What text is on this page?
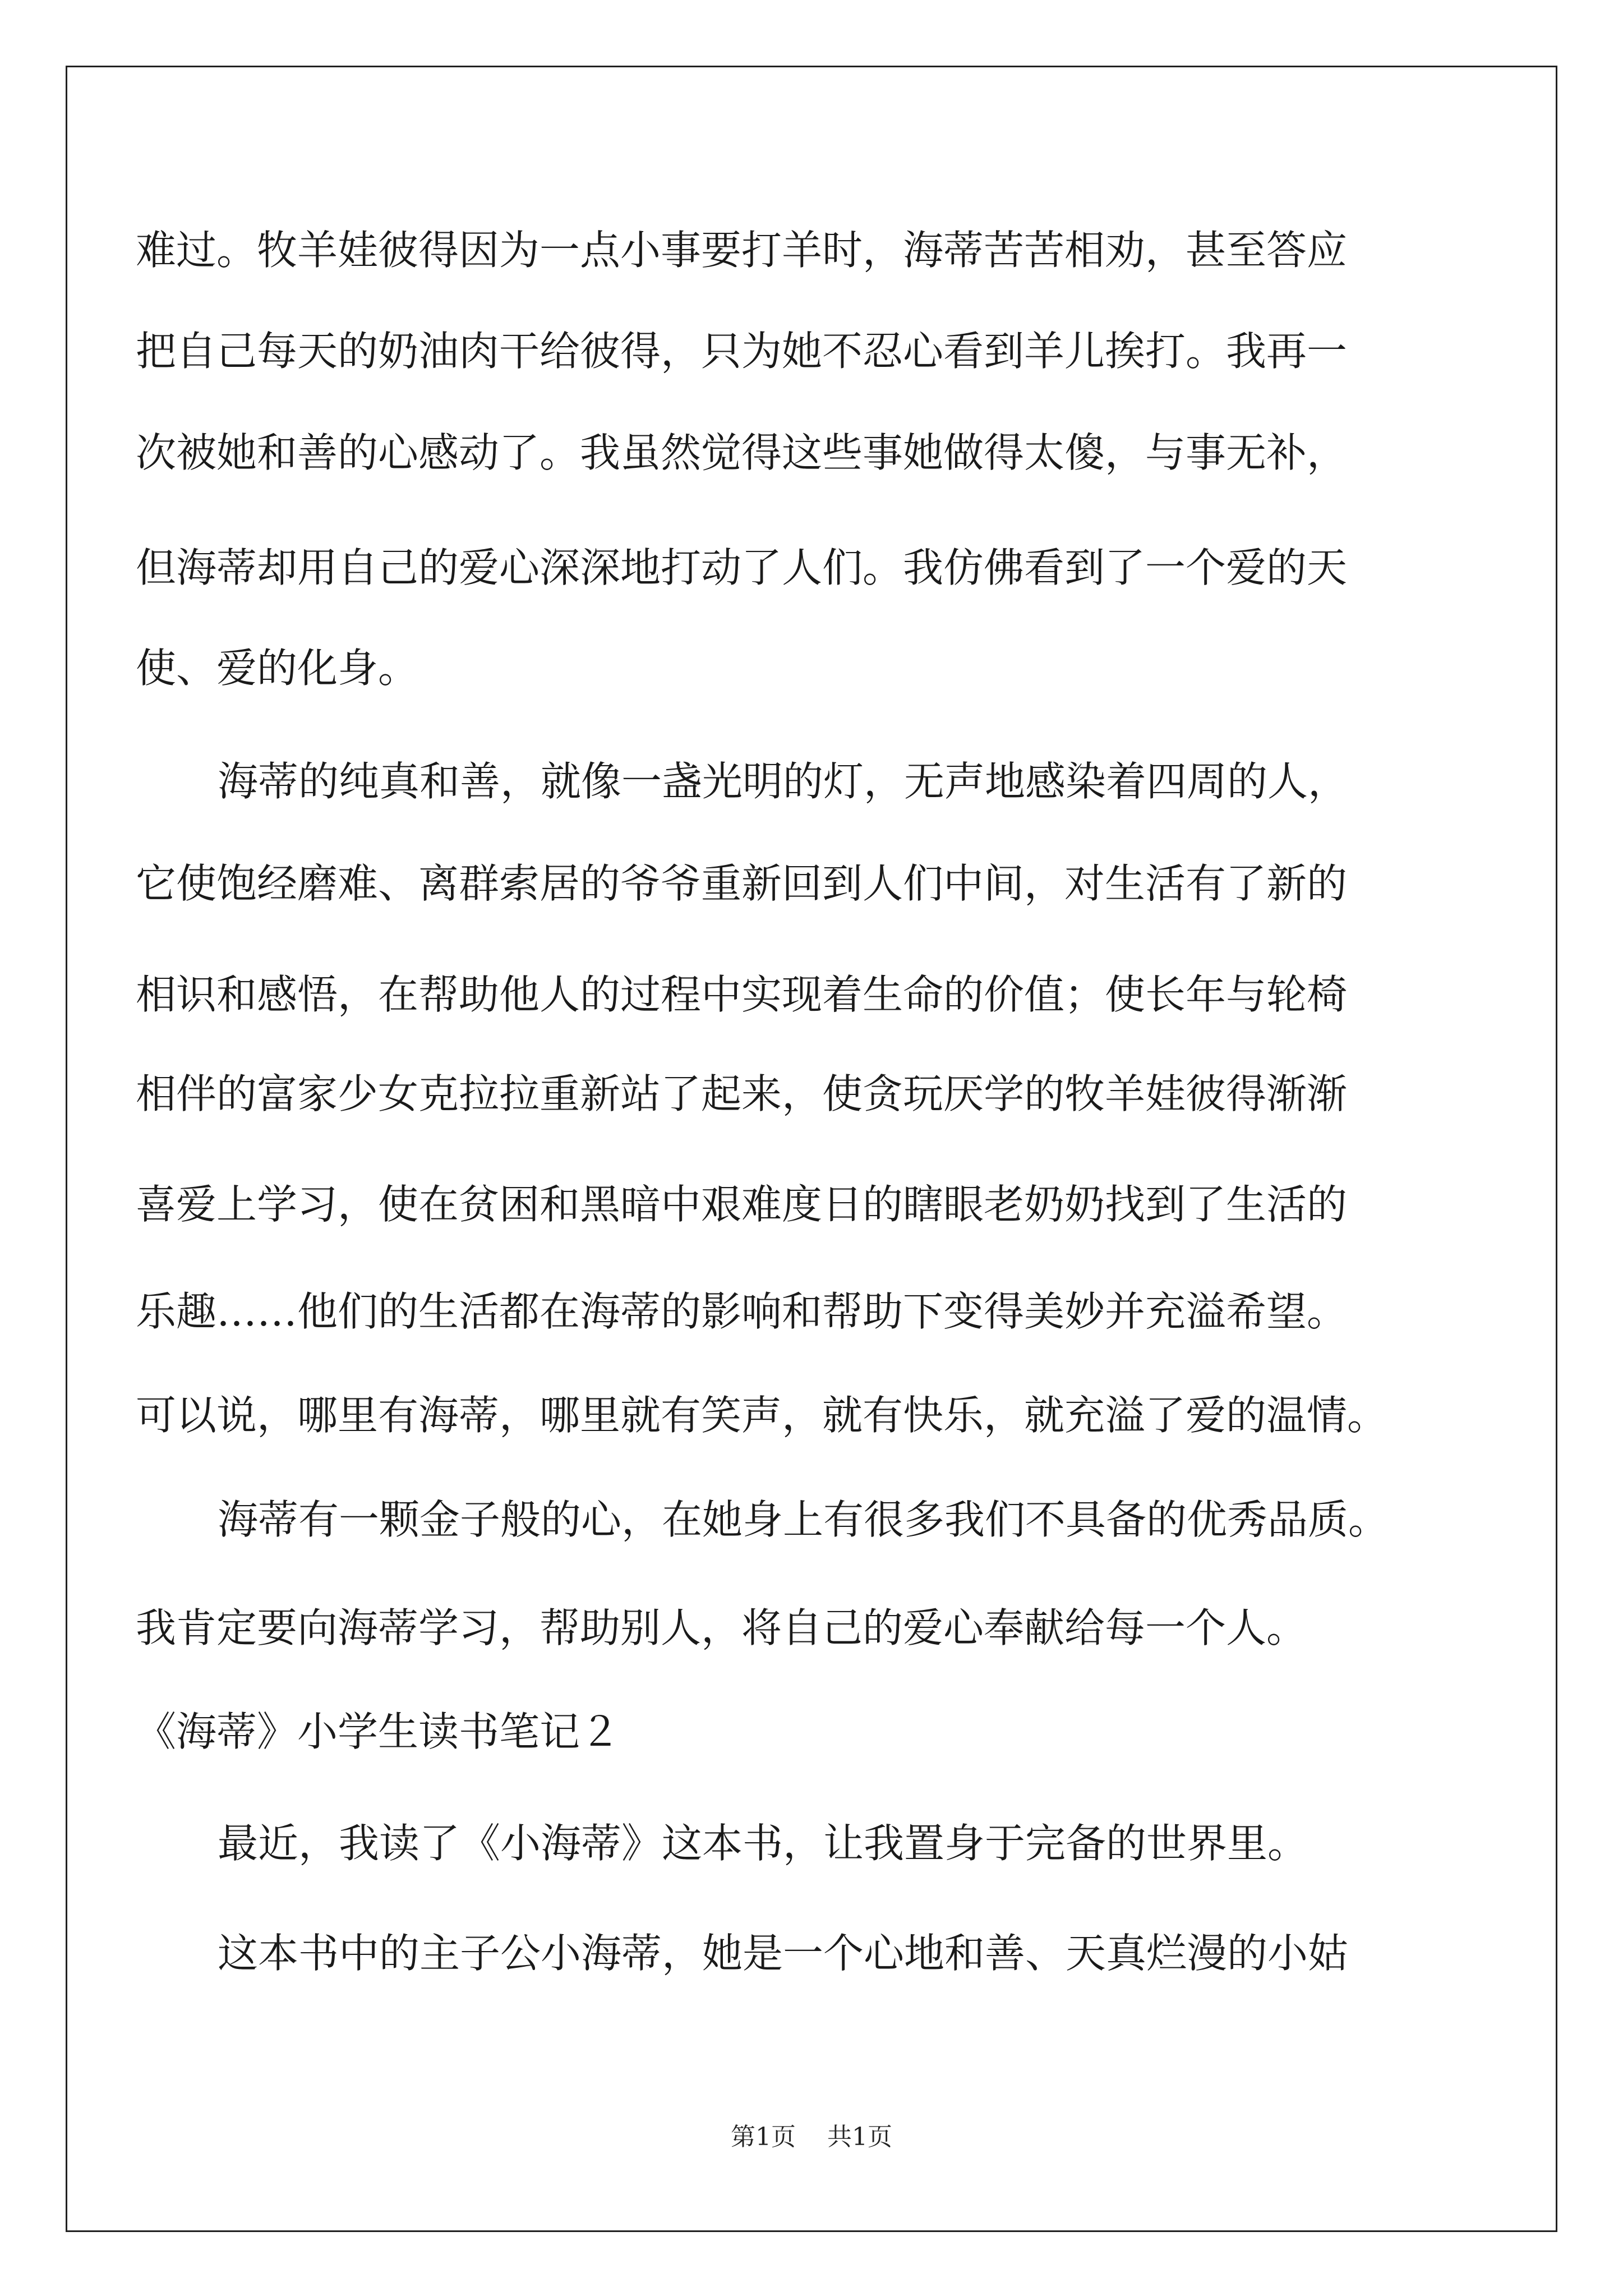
难过。牧羊娃彼得因为一点小事要打羊时，海蒂苦苦相劝，甚至答应
把自己每天的奶油肉干给彼得，只为她不忍心看到羊儿挨打。我再一
次被她和善的心感动了。我虽然觉得这些事她做得太傻，与事无补，
但海蒂却用自己的爱心深深地打动了人们。我仿佛看到了一个爱的天
使、爱的化身。
海蒂的纯真和善，就像一盏光明的灯，无声地感染着四周的人，
它使饱经磨难、离群索居的爷爷重新回到人们中间，对生活有了新的
相识和感悟，在帮助他人的过程中实现着生命的价值；使长年与轮椅
相伴的富家少女克拉拉重新站了起来，使贪玩厌学的牧羊娃彼得渐渐
喜爱上学习，使在贫困和黑暗中艰难度日的瞎眼老奶奶找到了生活的
乐趣……他们的生活都在海蒂的影响和帮助下变得美妙并充溢希望。
可以说，哪里有海蒂，哪里就有笑声，就有快乐，就充溢了爱的温情。
海蒂有一颗金子般的心，在她身上有很多我们不具备的优秀品质。
我肯定要向海蒂学习，帮助别人，将自己的爱心奉献给每一个人。
《海蒂》小学生读书笔记２
最近，我读了《小海蒂》这本书，让我置身于完备的世界里。
这本书中的主子公小海蒂，她是一个心地和善、天真烂漫的小姑
第1页 共1页
